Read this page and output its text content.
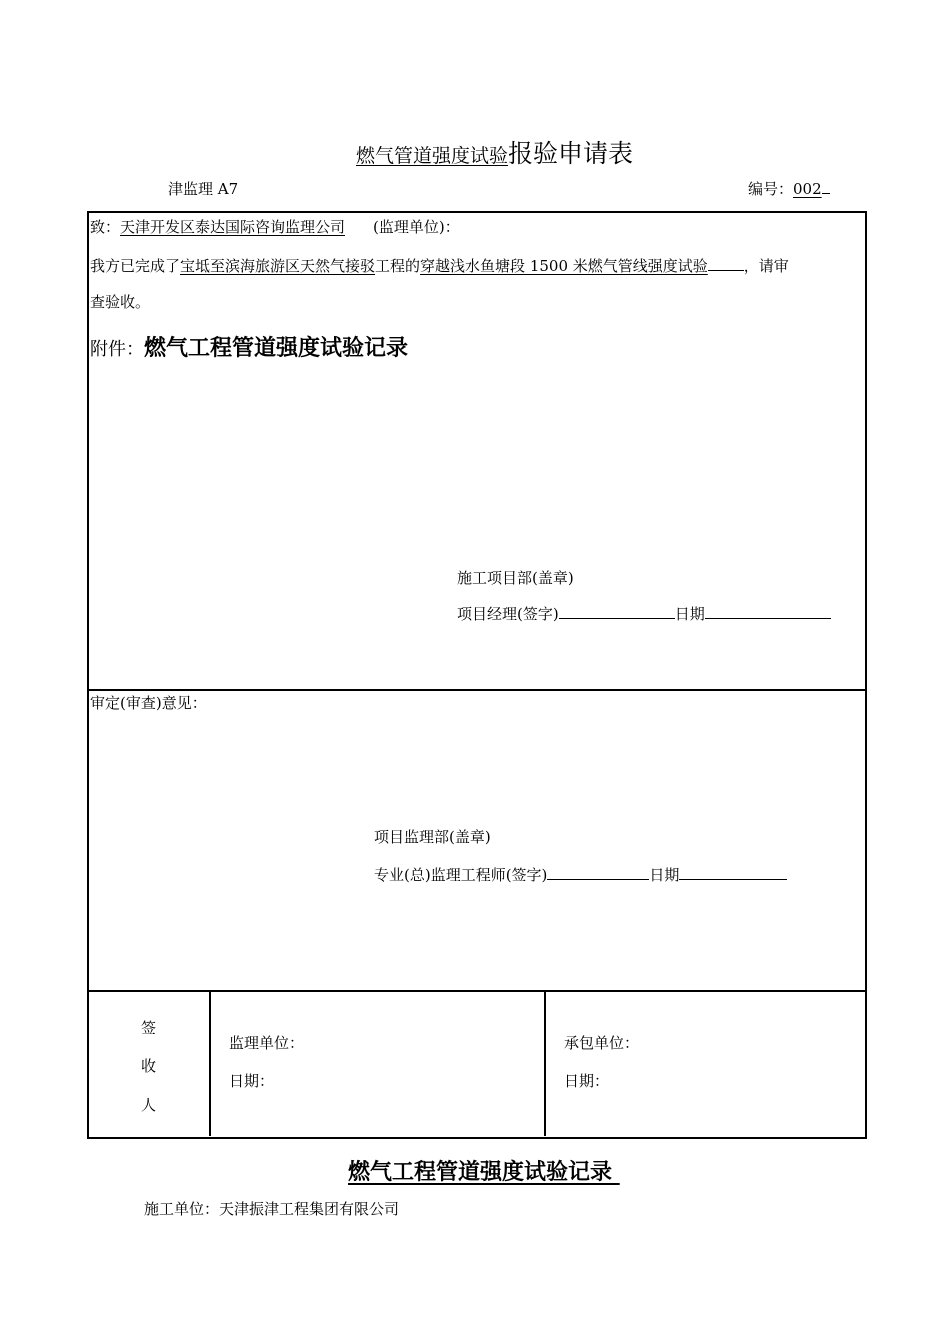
燃气管道强度试验报验申请表
津监理 A7	编号：002
致：天津开发区泰达国际咨询监理公司 (监理单位)：
我方已完成了宝坻至滨海旅游区天然气接驳工程的穿越浅水鱼塘段 1500 米燃气管线强度试验 ，请审
查验收。
附件：燃气工程管道强度试验记录
施工项目部(盖章)
项目经理(签字)	日期
审定(审查)意见：
项目监理部(盖章)
专业(总)监理工程师(签字)	日期
签
收
人
监理单位：
日期：
承包单位：
日期：
燃气工程管道强度试验记录
施工单位：天津振津工程集团有限公司
